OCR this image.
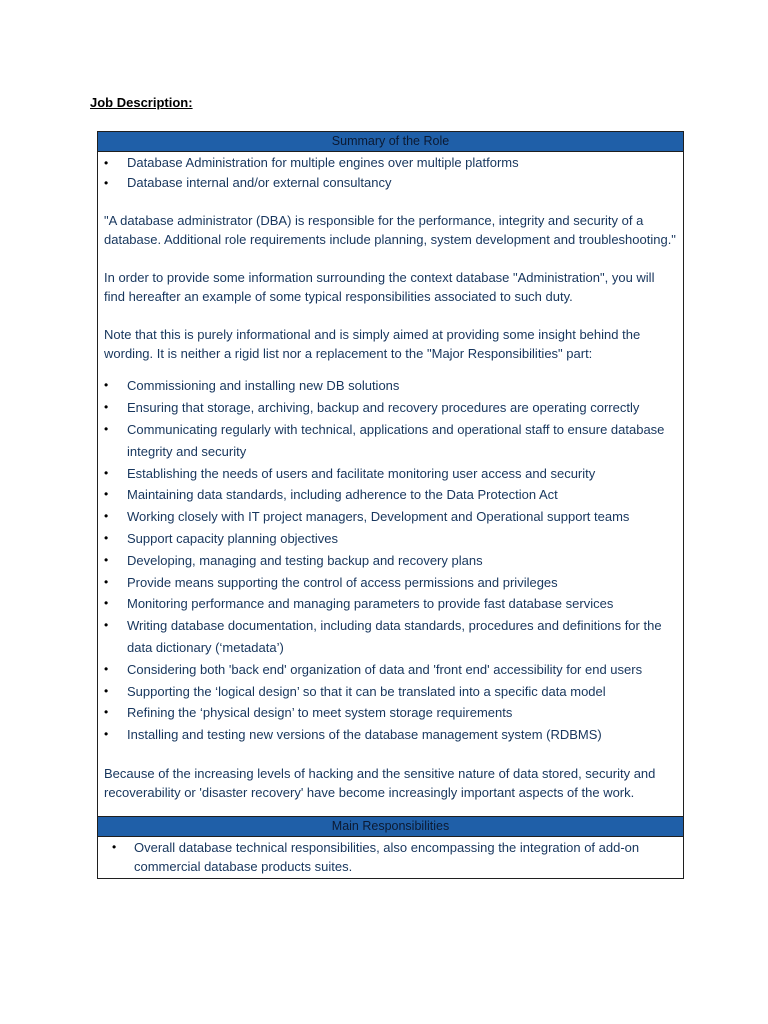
Job Description:
Summary of the Role
• Database Administration for multiple engines over multiple platforms
• Database internal and/or external consultancy

"A database administrator (DBA) is responsible for the performance, integrity and security of a database. Additional role requirements include planning, system development and troubleshooting."

In order to provide some information surrounding the context database "Administration", you will find hereafter an example of some typical responsibilities associated to such duty.

Note that this is purely informational and is simply aimed at providing some insight behind the wording. It is neither a rigid list nor a replacement to the "Major Responsibilities" part:

• Commissioning and installing new DB solutions
• Ensuring that storage, archiving, backup and recovery procedures are operating correctly
• Communicating regularly with technical, applications and operational staff to ensure database integrity and security
• Establishing the needs of users and facilitate monitoring user access and security
• Maintaining data standards, including adherence to the Data Protection Act
• Working closely with IT project managers, Development and Operational support teams
• Support capacity planning objectives
• Developing, managing and testing backup and recovery plans
• Provide means supporting the control of access permissions and privileges
• Monitoring performance and managing parameters to provide fast database services
• Writing database documentation, including data standards, procedures and definitions for the data dictionary (‘metadata’)
• Considering both 'back end' organization of data and 'front end' accessibility for end users
• Supporting the ‘logical design’ so that it can be translated into a specific data model
• Refining the ‘physical design’ to meet system storage requirements
• Installing and testing new versions of the database management system (RDBMS)

Because of the increasing levels of hacking and the sensitive nature of data stored, security and recoverability or 'disaster recovery' have become increasingly important aspects of the work.

Main Responsibilities
• Overall database technical responsibilities, also encompassing the integration of add-on commercial database products suites.
